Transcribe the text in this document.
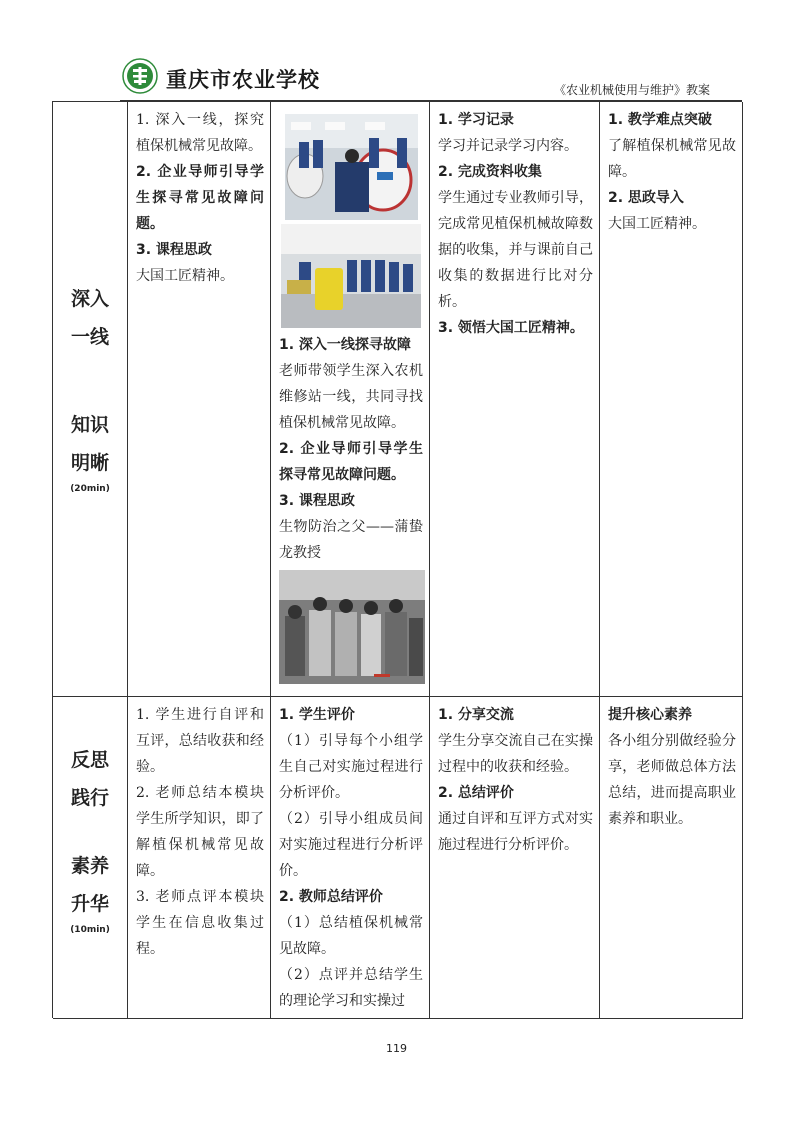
重庆市农业学校	《农业机械使用与维护》教案
深入
一线
知识
明晰
(20min)
1. 深入一线，探究植保机械常见故障。
2. 企业导师引导学生探寻常见故障问题。
3. 课程思政
大国工匠精神。
1. 深入一线探寻故障
老师带领学生深入农机维修站一线，共同寻找植保机械常见故障。
2. 企业导师引导学生探寻常见故障问题。
3. 课程思政
生物防治之父——蒲蛰龙教授
1. 学习记录
学习并记录学习内容。
2. 完成资料收集
学生通过专业教师引导，完成常见植保机械故障数据的收集，并与课前自己收集的数据进行比对分析。
3. 领悟大国工匠精神。
1. 教学难点突破
了解植保机械常见故障。
2. 思政导入
大国工匠精神。
反思
践行
素养
升华
(10min)
1. 学生进行自评和互评，总结收获和经验。
2. 老师总结本模块学生所学知识，即了解植保机械常见故障。
3. 老师点评本模块学生在信息收集过程。
1. 学生评价
（1）引导每个小组学生自己对实施过程进行分析评价。
（2）引导小组成员间对实施过程进行分析评价。
2. 教师总结评价
（1）总结植保机械常见故障。
（2）点评并总结学生的理论学习和实操过
1. 分享交流
学生分享交流自己在实操过程中的收获和经验。
2. 总结评价
通过自评和互评方式对实施过程进行分析评价。
提升核心素养
各小组分别做经验分享，老师做总体方法总结，进而提高职业素养和职业。
119
